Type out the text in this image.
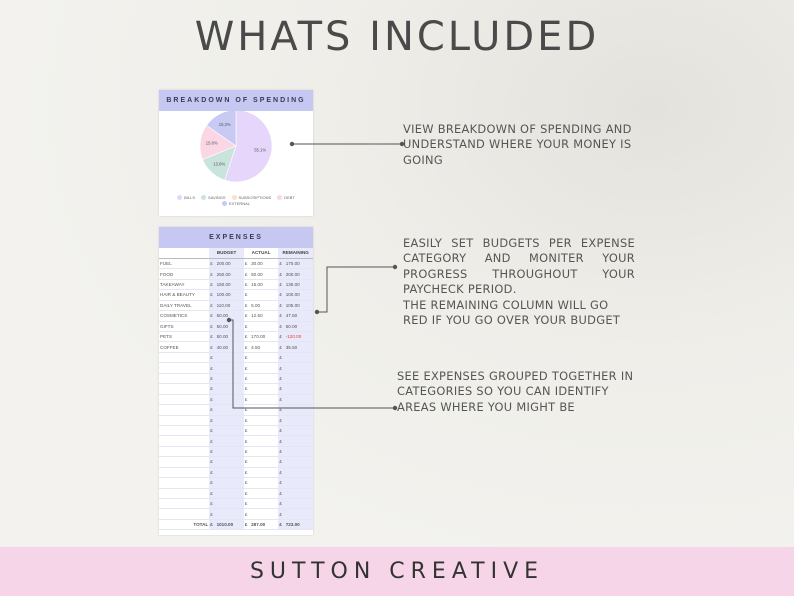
WHATS INCLUDED
BREAKDOWN OF SPENDING
55.1%
13.8%
15.8%
15.3%
BILLS	SAVINGS	SUBSCRIPTIONS	DEBT
EXTERNAL
EXPENSES
	BUDGET		ACTUAL		REMAINING	
FUEL	£	200.00	£	30.00	£	170.00
FOOD	£	250.00	£	50.00	£	200.00
TAKEAWAY	£	150.00	£	15.00	£	135.00
HAIR & BEAUTY	£	100.00	£		£	100.00
DAILY TRAVEL	£	110.00	£	5.00	£	105.00
COSMETICS	£	60.00	£	12.50	£	47.50
GIFTS	£	50.00	£		£	50.00
PETS	£	50.00	£	170.00	£	-120.00
COFFEE	£	40.00	£	4.50	£	35.50
	£		£		£	
	£		£		£	
	£		£		£	
	£		£		£	
	£		£		£	
	£		£		£	
	£		£		£	
	£		£		£	
	£		£		£	
	£		£		£	
	£		£		£	
	£		£		£	
	£		£		£	
	£		£		£	
	£		£		£	
	£		£		£	
TOTAL	£	1010.00	£	287.00	£	723.00
VIEW BREAKDOWN OF SPENDING AND UNDERSTAND WHERE YOUR MONEY IS GOING
EASILY SET BUDGETS PER EXPENSE CATEGORY AND MONITER YOUR PROGRESS THROUGHOUT YOUR PAYCHECK PERIOD.
THE REMAINING COLUMN WILL GO RED IF YOU GO OVER YOUR BUDGET
SEE EXPENSES GROUPED TOGETHER IN CATEGORIES SO YOU CAN IDENTIFY AREAS WHERE YOU MIGHT BE
SUTTON CREATIVE
